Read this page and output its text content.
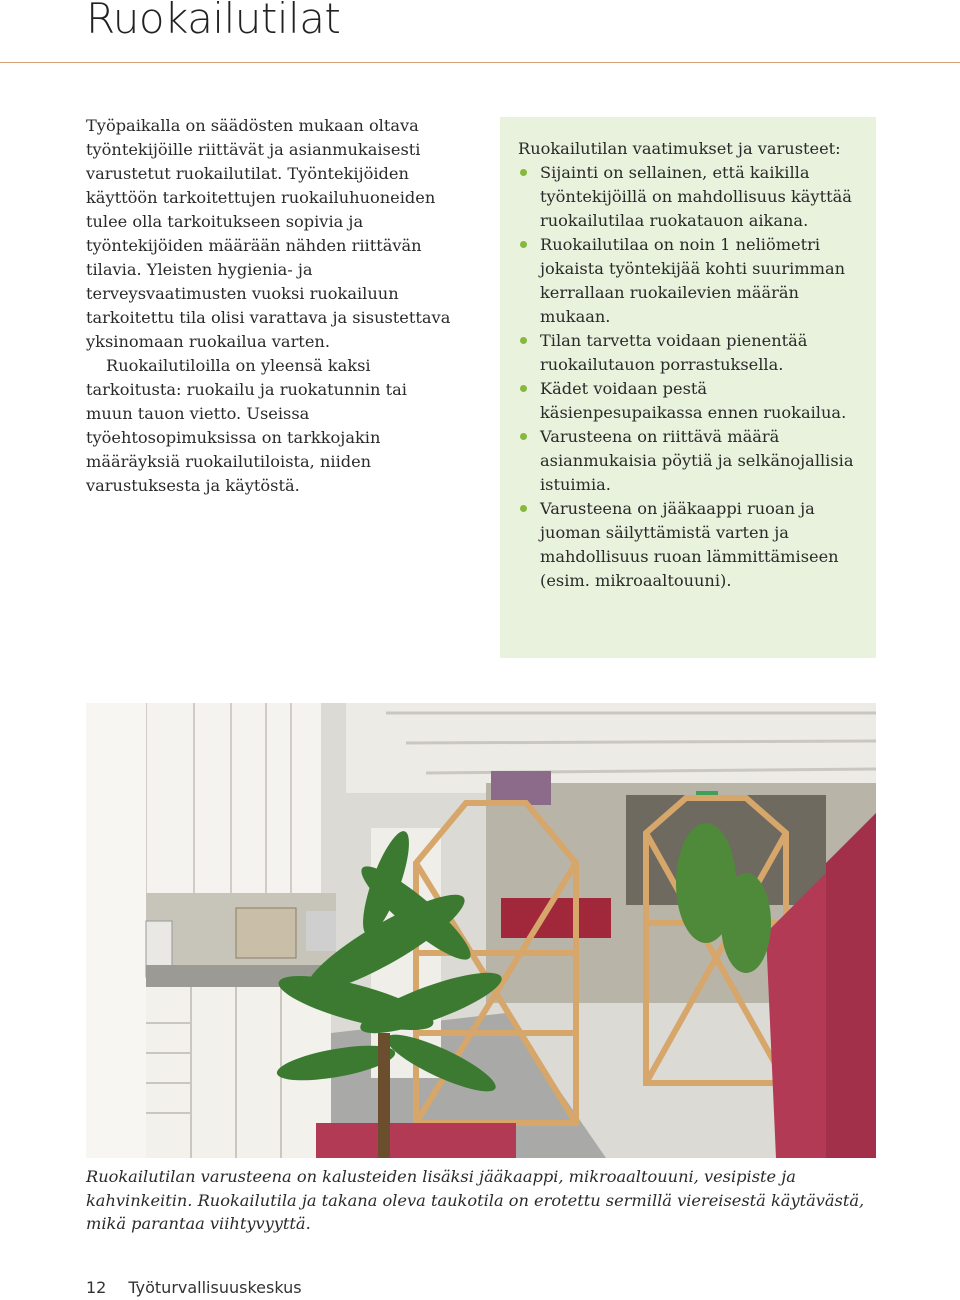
Ruokailutilat

Työpaikalla on säädösten mukaan oltava työntekijöille riittävät ja asianmukaisesti varustetut ruokailutilat. Työntekijöiden käyttöön tarkoitettujen ruokailuhuoneiden tulee olla tarkoitukseen sopivia ja työntekijöiden määrään nähden riittävän tilavia. Yleisten hygienia- ja terveysvaatimusten vuoksi ruokailuun tarkoitettu tila olisi varattava ja sisustettava yksinomaan ruokailua varten.

Ruokailutiloilla on yleensä kaksi tarkoitusta: ruokailu ja ruokatunnin tai muun tauon vietto. Useissa työehtosopimuksissa on tarkkojakin määräyksiä ruokailutiloista, niiden varustuksesta ja käytöstä.

Ruokailutilan vaatimukset ja varusteet:

Sijainti on sellainen, että kaikilla työntekijöillä on mahdollisuus käyttää ruokailutilaa ruokatauon aikana.
Ruokailutilaa on noin 1 neliömetri jokaista työntekijää kohti suurimman kerrallaan ruokailevien määrän mukaan.
Tilan tarvetta voidaan pienentää ruokailutauon porrastuksella.
Kädet voidaan pestä käsienpesupaikassa ennen ruokailua.
Varusteena on riittävä määrä asianmukaisia pöytiä ja selkänojallisia istuimia.
Varusteena on jääkaappi ruoan ja juoman säilyttämistä varten ja mahdollisuus ruoan lämmittämiseen (esim. mikroaaltouuni).
Ruokailutilan varusteena on kalusteiden lisäksi jääkaappi, mikroaaltouuni, vesipiste ja kahvinkeitin. Ruokailutila ja takana oleva taukotila on erotettu sermillä viereisestä käytävästä, mikä parantaa viihtyvyyttä.
12 Työturvallisuuskeskus
